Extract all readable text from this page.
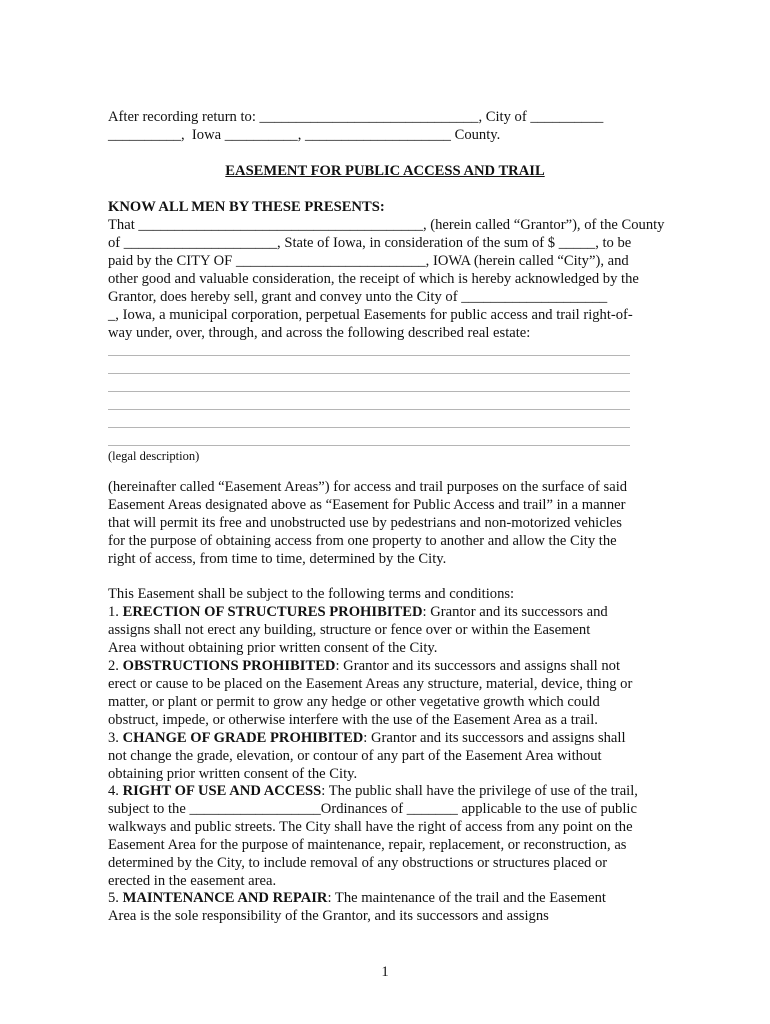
After recording return to: ______________________________, City of __________
__________,  Iowa __________, ____________________ County.
EASEMENT FOR PUBLIC ACCESS AND TRAIL
KNOW ALL MEN BY THESE PRESENTS:
That _______________________________________, (herein called “Grantor”), of the County
of _____________________, State of Iowa, in consideration of the sum of $ _____, to be
paid by the CITY OF __________________________, IOWA (herein called “City”), and
other good and valuable consideration, the receipt of which is hereby acknowledged by the
Grantor, does hereby sell, grant and convey unto the City of ____________________
_, Iowa, a municipal corporation, perpetual Easements for public access and trail right-of-
way under, over, through, and across the following described real estate:
(legal description)
(hereinafter called “Easement Areas”) for access and trail purposes on the surface of said
Easement Areas designated above as “Easement for Public Access and trail” in a manner
that will permit its free and unobstructed use by pedestrians and non-motorized vehicles
for the purpose of obtaining access from one property to another and allow the City the
right of access, from time to time, determined by the City.
This Easement shall be subject to the following terms and conditions:
1. ERECTION OF STRUCTURES PROHIBITED: Grantor and its successors and
assigns shall not erect any building, structure or fence over or within the Easement
Area without obtaining prior written consent of the City.
2. OBSTRUCTIONS PROHIBITED: Grantor and its successors and assigns shall not
erect or cause to be placed on the Easement Areas any structure, material, device, thing or
matter, or plant or permit to grow any hedge or other vegetative growth which could
obstruct, impede, or otherwise interfere with the use of the Easement Area as a trail.
3. CHANGE OF GRADE PROHIBITED: Grantor and its successors and assigns shall
not change the grade, elevation, or contour of any part of the Easement Area without
obtaining prior written consent of the City.
4. RIGHT OF USE AND ACCESS: The public shall have the privilege of use of the trail,
subject to the __________________Ordinances of _______ applicable to the use of public
walkways and public streets. The City shall have the right of access from any point on the
Easement Area for the purpose of maintenance, repair, replacement, or reconstruction, as
determined by the City, to include removal of any obstructions or structures placed or
erected in the easement area.
5. MAINTENANCE AND REPAIR: The maintenance of the trail and the Easement
Area is the sole responsibility of the Grantor, and its successors and assigns
1
